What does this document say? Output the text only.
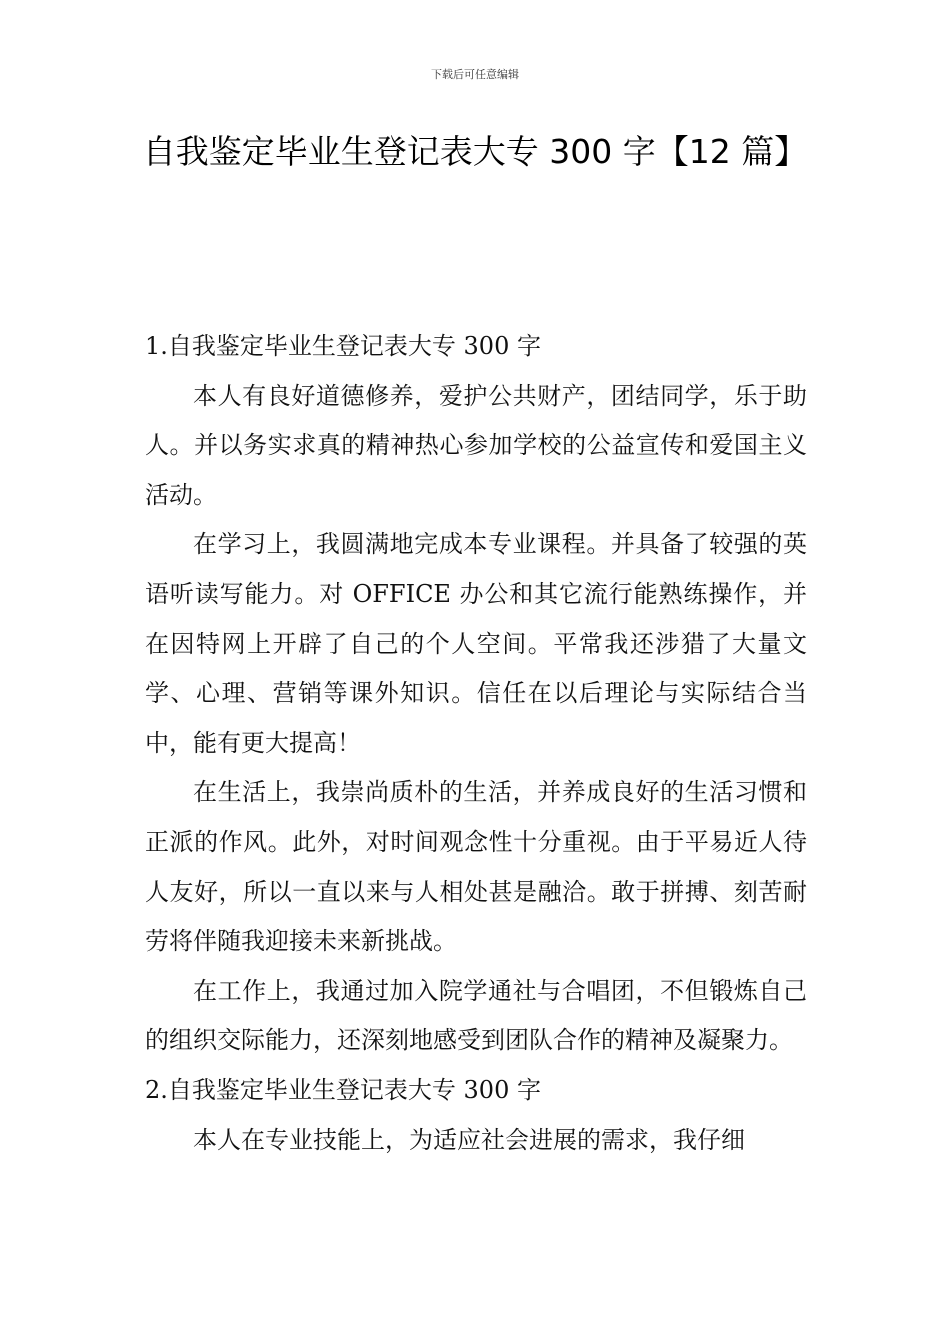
下载后可任意编辑
自我鉴定毕业生登记表大专 300 字【12 篇】

1.自我鉴定毕业生登记表大专 300 字

本人有良好道德修养，爱护公共财产，团结同学，乐于助人。并以务实求真的精神热心参加学校的公益宣传和爱国主义活动。

在学习上，我圆满地完成本专业课程。并具备了较强的英语听读写能力。对 OFFICE 办公和其它流行能熟练操作，并在因特网上开辟了自己的个人空间。平常我还涉猎了大量文学、心理、营销等课外知识。信任在以后理论与实际结合当中，能有更大提高！

在生活上，我崇尚质朴的生活，并养成良好的生活习惯和正派的作风。此外，对时间观念性十分重视。由于平易近人待人友好，所以一直以来与人相处甚是融洽。敢于拼搏、刻苦耐劳将伴随我迎接未来新挑战。

在工作上，我通过加入院学通社与合唱团，不但锻炼自己的组织交际能力，还深刻地感受到团队合作的精神及凝聚力。

2.自我鉴定毕业生登记表大专 300 字

本人在专业技能上，为适应社会进展的需求，我仔细
